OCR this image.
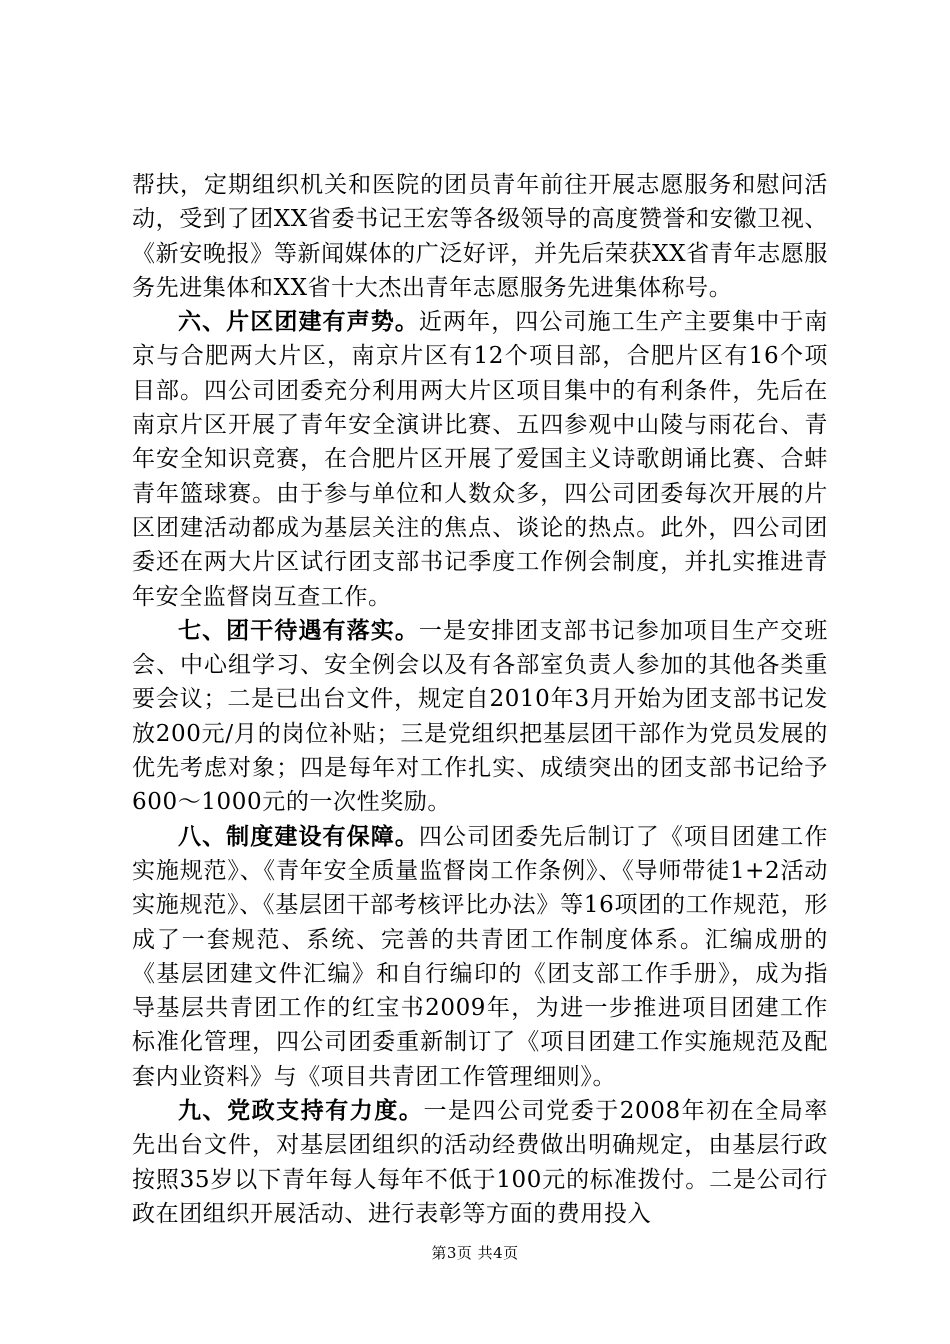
帮扶，定期组织机关和医院的团员青年前往开展志愿服务和慰问活动，受到了团XX省委书记王宏等各级领导的高度赞誉和安徽卫视、《新安晚报》等新闻媒体的广泛好评，并先后荣获XX省青年志愿服务先进集体和XX省十大杰出青年志愿服务先进集体称号。

六、片区团建有声势。近两年，四公司施工生产主要集中于南京与合肥两大片区，南京片区有12个项目部，合肥片区有16个项目部。四公司团委充分利用两大片区项目集中的有利条件，先后在南京片区开展了青年安全演讲比赛、五四参观中山陵与雨花台、青年安全知识竞赛，在合肥片区开展了爱国主义诗歌朗诵比赛、合蚌青年篮球赛。由于参与单位和人数众多，四公司团委每次开展的片区团建活动都成为基层关注的焦点、谈论的热点。此外，四公司团委还在两大片区试行团支部书记季度工作例会制度，并扎实推进青年安全监督岗互查工作。

七、团干待遇有落实。一是安排团支部书记参加项目生产交班会、中心组学习、安全例会以及有各部室负责人参加的其他各类重要会议；二是已出台文件，规定自2010年3月开始为团支部书记发放200元/月的岗位补贴；三是党组织把基层团干部作为党员发展的优先考虑对象；四是每年对工作扎实、成绩突出的团支部书记给予600～1000元的一次性奖励。

八、制度建设有保障。四公司团委先后制订了《项目团建工作实施规范》、《青年安全质量监督岗工作条例》、《导师带徒1+2活动实施规范》、《基层团干部考核评比办法》等16项团的工作规范，形成了一套规范、系统、完善的共青团工作制度体系。汇编成册的《基层团建文件汇编》和自行编印的《团支部工作手册》，成为指导基层共青团工作的红宝书2009年，为进一步推进项目团建工作标准化管理，四公司团委重新制订了《项目团建工作实施规范及配套内业资料》与《项目共青团工作管理细则》。

九、党政支持有力度。一是四公司党委于2008年初在全局率先出台文件，对基层团组织的活动经费做出明确规定，由基层行政按照35岁以下青年每人每年不低于100元的标准拨付。二是公司行政在团组织开展活动、进行表彰等方面的费用投入

第3页 共4页
